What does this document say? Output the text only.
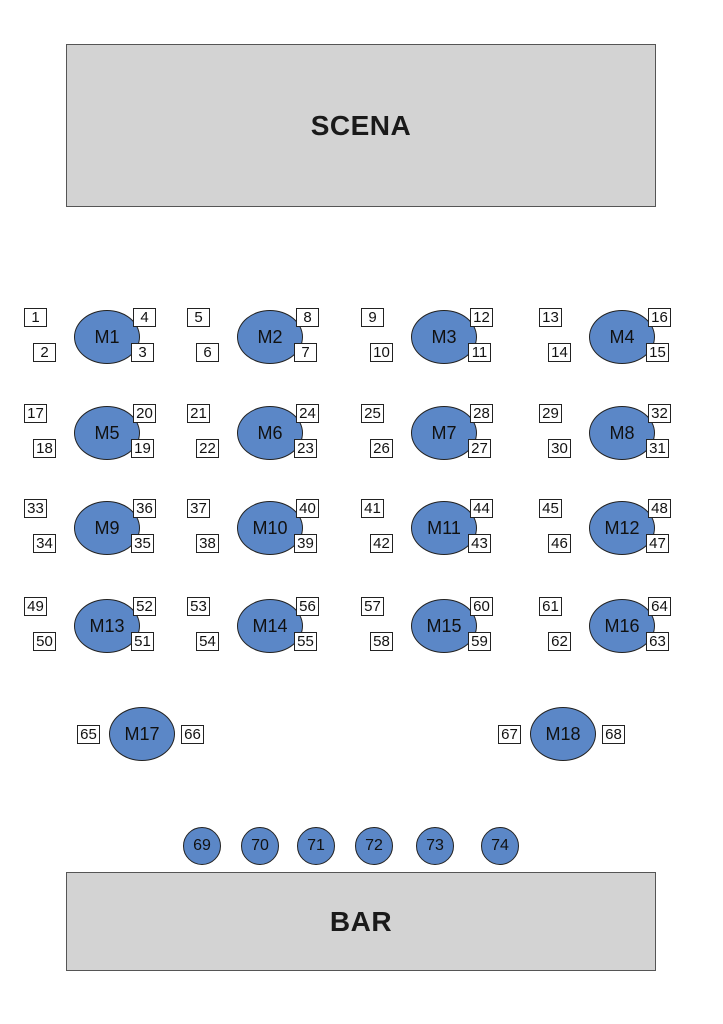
SCENA
M1
1	4
2	3
M2
5	8
6	7
M3
9	12
10	11
M4
13	16
14	15
M5
17	20
18	19
M6
21	24
22	23
M7
25	28
26	27
M8
29	32
30	31
M9
33	36
34	35
M10
37	40
38	39
M11
41	44
42	43
M12
45	48
46	47
M13
49	52
50	51
M14
53	56
54	55
M15
57	60
58	59
M16
61	64
62	63
M17
65	66	M18
67	68
69	70	71	72	73	74
BAR
